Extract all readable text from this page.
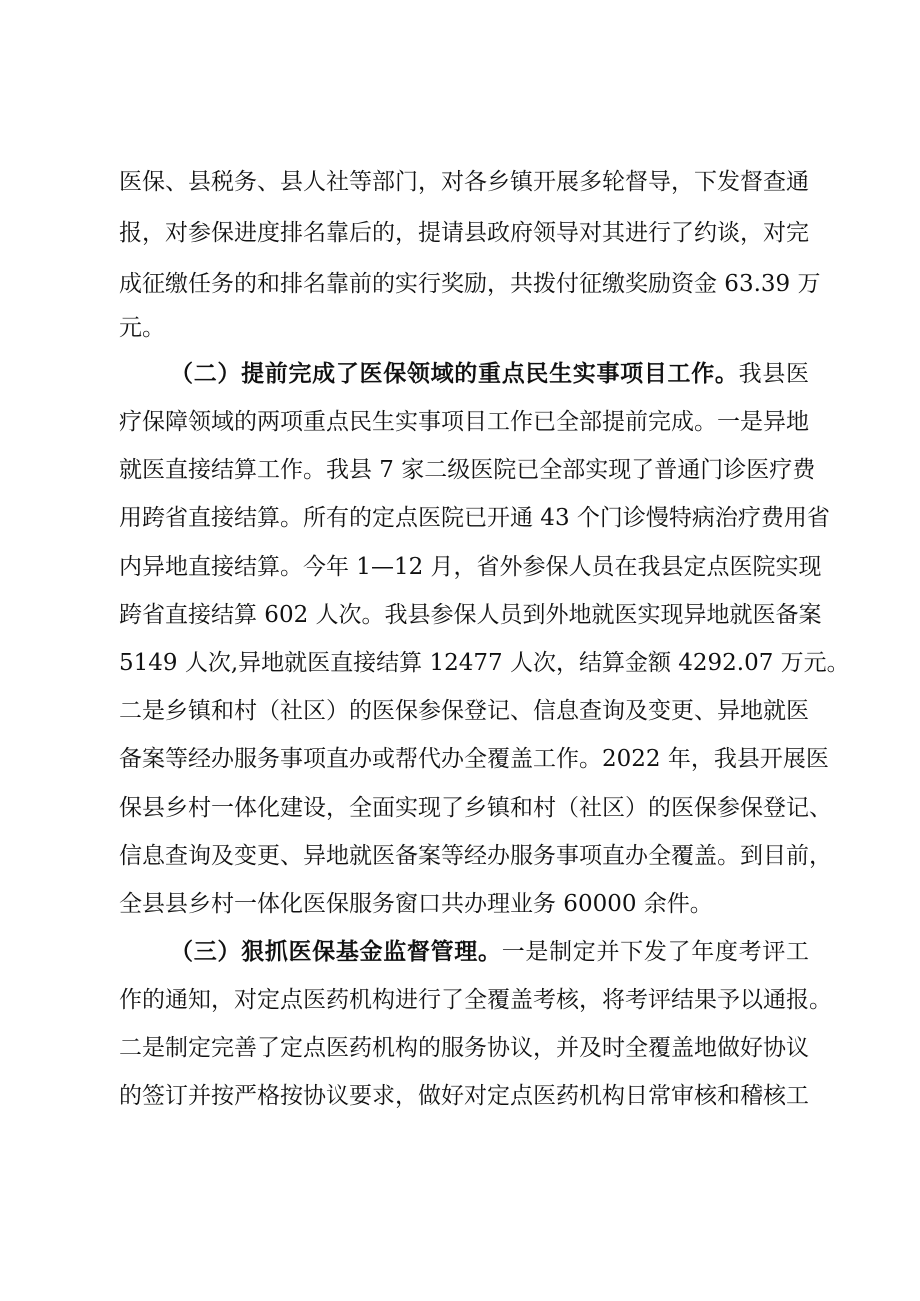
医保、县税务、县人社等部门，对各乡镇开展多轮督导，下发督查通
报，对参保进度排名靠后的，提请县政府领导对其进行了约谈，对完
成征缴任务的和排名靠前的实行奖励，共拨付征缴奖励资金 63.39 万
元。
（二）提前完成了医保领域的重点民生实事项目工作。我县医
疗保障领域的两项重点民生实事项目工作已全部提前完成。一是异地
就医直接结算工作。我县 7 家二级医院已全部实现了普通门诊医疗费
用跨省直接结算。所有的定点医院已开通 43 个门诊慢特病治疗费用省
内异地直接结算。今年 1—12 月，省外参保人员在我县定点医院实现
跨省直接结算 602 人次。我县参保人员到外地就医实现异地就医备案
5149 人次,异地就医直接结算 12477 人次，结算金额 4292.07 万元。
二是乡镇和村（社区）的医保参保登记、信息查询及变更、异地就医
备案等经办服务事项直办或帮代办全覆盖工作。2022 年，我县开展医
保县乡村一体化建设，全面实现了乡镇和村（社区）的医保参保登记、
信息查询及变更、异地就医备案等经办服务事项直办全覆盖。到目前，
全县县乡村一体化医保服务窗口共办理业务 60000 余件。
（三）狠抓医保基金监督管理。一是制定并下发了年度考评工
作的通知，对定点医药机构进行了全覆盖考核，将考评结果予以通报。
二是制定完善了定点医药机构的服务协议，并及时全覆盖地做好协议
的签订并按严格按协议要求，做好对定点医药机构日常审核和稽核工
